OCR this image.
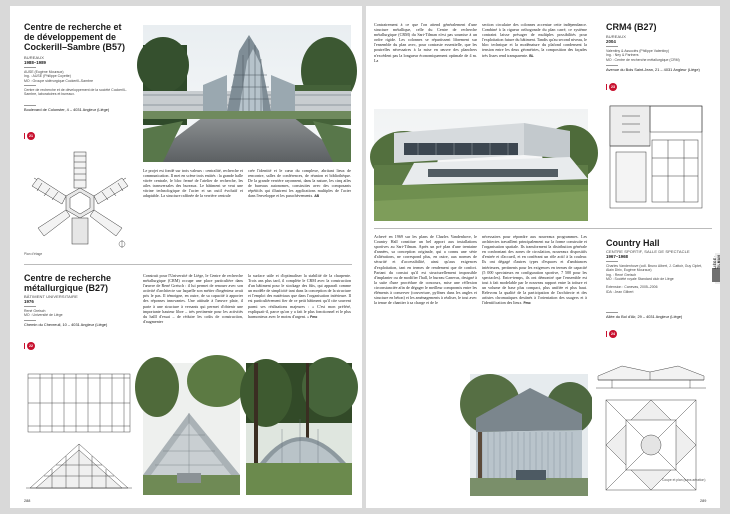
Centre de recherche et de développement de Cockerill–Sambre (B57)
BUREAUX
1988–1989
AUSE (Eugène Mouraux)
Ing. : AUSE (Philippe Coyette)
MO : Groupe sidérurgique Cockerill–Sambre
Centre de recherche et de développement de la société Cockerill–Sambre, laboratoires et bureaux.
Boulevard de Colonster, 4 – 4031 Angleur (Liège)
21
Plan d'étage
Le projet est fondé sur trois valeurs : centralité, recherche et communication. Il met en scène trois entités : la grande halle vitrée centrale, le bloc fermé de l'atelier de recherche, les ailes transversales des bureaux. Le bâtiment se veut une vitrine technologique de l'acier et un outil évolutif et adaptable. La structure raffinée de la verrière centrale
crée l'identité et le cœur du complexe, abritant lieux de rencontre, salles de conférences, de réunion et bibliothèque. De la grande verrière rayonnent, dans la nature, les cinq ailes de bureaux autonomes, construites avec des composants répétitifs qui illustrent les applications multiples de l'acier dans l'enveloppe et les parachèvements. AB
Centre de recherche métallurgique (B27)
BÂTIMENT UNIVERSITAIRE
1976
René Greisch
MO : Université de Liège
Chemin du Chevreuil, 10 – 4031 Angleur (Liège)
22
Construit pour l'Université de Liège, le Centre de recherche métallurgique (CRM) occupe une place particulière dans l'œuvre de René Greisch : il lui permet de renouer avec son activité d'architecte sur laquelle son métier d'ingénieur avait pris le pas. Il témoigne, en outre, de sa capacité à apporter des réponses innovantes. Une attitude à l'œuvre plate, il parie à une structure à versants qui permet d'obtenir une importante hauteur libre – très pertinente pour les activités du halll d'essai – de réduire les coûts de construction, d'augmenter
la surface utile et d'optimaliser la stabilité de la charpente. Trois ans plus tard, il complète le CRM avec la construction d'un bâtiment pour le stockage des fûts, qui apparaît comme un modèle de simplicité tant dans la conception de la structure et l'emploi des matériaux que dans l'organisation intérieure. Il est particulièrement fier de ce petit bâtiment qu'il cite souvent parmi ses réalisations majeures : « C'est mon préféré, expliquait-il, parce qu'on y a fait le plus fonctionnel et le plus harmonieux avec le moins d'argent. » Fmo
288
Contrairement à ce que l'on attend généralement d'une structure métallique, celle du Centre de recherche métallurgique (CRM) du Sart-Tilman n'est pas soumise à un ordre rigide. Les colonnes se répartissent librement sur l'ensemble du plan avec, pour contraste essentielle, que les poutrelles nécessaires à la mise en œuvre des planchers n'excèdent pas la longueur économiquement optimale de 4 m. La
section circulaire des colonnes accentue cette indépendance. Combiné à la rigueur orthogonale du plan carré, ce système contraint laisse présager de multiples possibilités pour l'exploitation future du bâtiment. Tandis qu'au second niveau, le bloc technique et la modénature du plafond condensent la tension entre les deux géométries, la composition des façades très lisses rend transparente. BL
CRM4 (B27)
BUREAUX
2004
Valentiny & Associés (Philippe Valentiny)
Ing. : Ney & Partners
MO : Centre de recherche métallurgique (CRM)
Avenue du Bois Saint-Jean, 21 – 4031 Angleur (Liège)
23
Achevé en 1969 sur les plans de Charles Vandenhove, le Country Hall constitue un bel apport aux installations sportives au Sart-Tilman. Après un pré plan d'une trentaine d'années, sa conception originale, qui a connu une série d'altérations, ne correspond plus, en outre, aux normes de sécurité et d'accessibilité, ainsi qu'aux exigences d'exploitation, tant en termes de rendement que de confort. Partant du constat qu'il est structurellement impossible d'implanter ou de modifier l'hall, le bureau Canevas, designé à la suite d'une procédure de concours, mise une réflexion circonstanciée afin de dégager le meilleur compromis entre les éléments à conserver (couverture, pylônes dans les angles et structure en béton) et les aménagements à réaliser, le tout avec la tenue de chantier à sa charge et de le
nécessaires pour répondre aux nouveaux programmes. Les architectes travaillent principalement sur la forme construite et l'organisation spatiale. Ils transforment la distribution générale en confrontant des zones de circulation, nouveaux dispositifs d'entrée et d'accueil, et en conférant un rôle actif à la couleur. Ils ont dégagé d'autres types d'espaces et d'ambiances intérieures, pertinents pour les exigences en termes de capacité (5 000 spectateurs en configuration sportive, 7 500 pour les spectacles). Entre-temps, ils ont démontré que l'ensemble est tout à fait modelable par le nouveau rapport entre la toiture et un volume de base plus compact, plus unifiée et plus haut. Relevons la qualité de la participation de l'architecte et des artistes chromatiques destinés à l'orientation des usagers et à l'identification des lieux. Fmo
Country Hall
CENTRE SPORTIF, SALLE DE SPECTACLE
1967–1968
Charles Vandenhove (coll. Bruno Albert, J. Cattoir, Guy Ciplet, Alain Dirix, Eugène Mouraux)
Ing. : René Greisch
MO : Société royale Standard club de Liège

Extension : Canevas, 2005–2006
IDA : Jean Gilbert
Allée du Bol d'Air, 29 – 4031 Angleur (Liège)
24
LIÈGE · TILMAN
Coupe et plan (sans aération)
289
